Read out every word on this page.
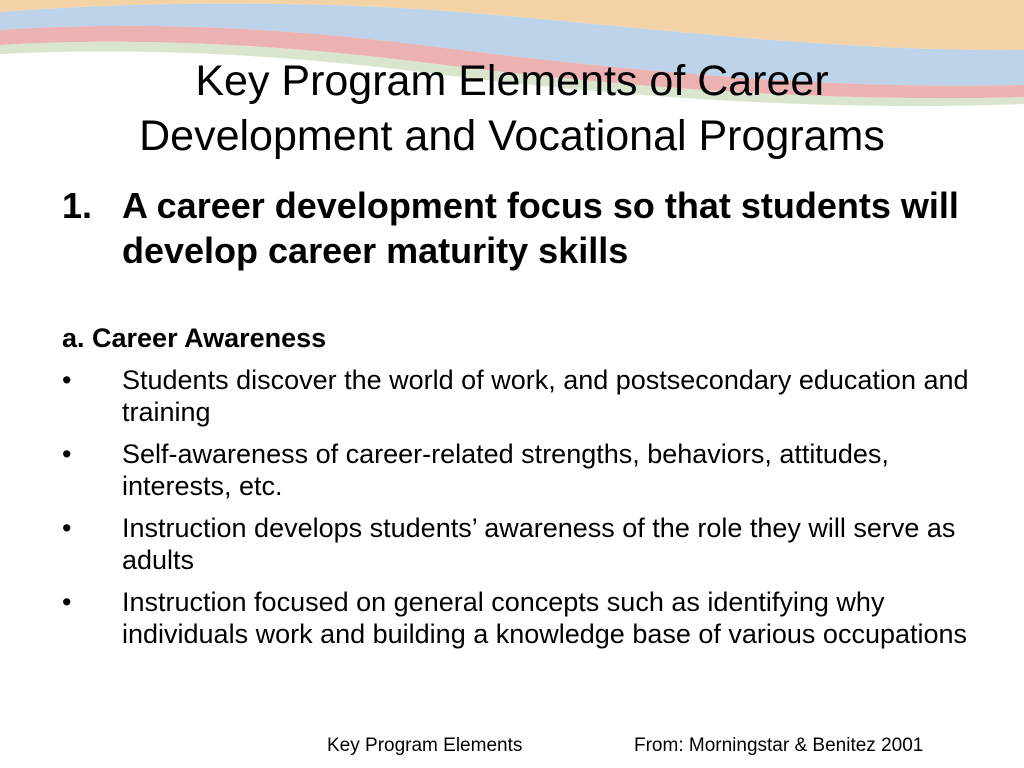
Key Program Elements of Career
Development and Vocational Programs
1. A career development focus so that students will develop career maturity skills
a. Career Awareness
•	Students discover the world of work, and postsecondary education and training
•	Self-awareness of career-related strengths, behaviors, attitudes, interests, etc.
•	Instruction develops students’ awareness of the role they will serve as adults
•	Instruction focused on general concepts such as identifying why individuals work and building a knowledge base of various occupations
Key Program Elements	From: Morningstar & Benitez 2001
